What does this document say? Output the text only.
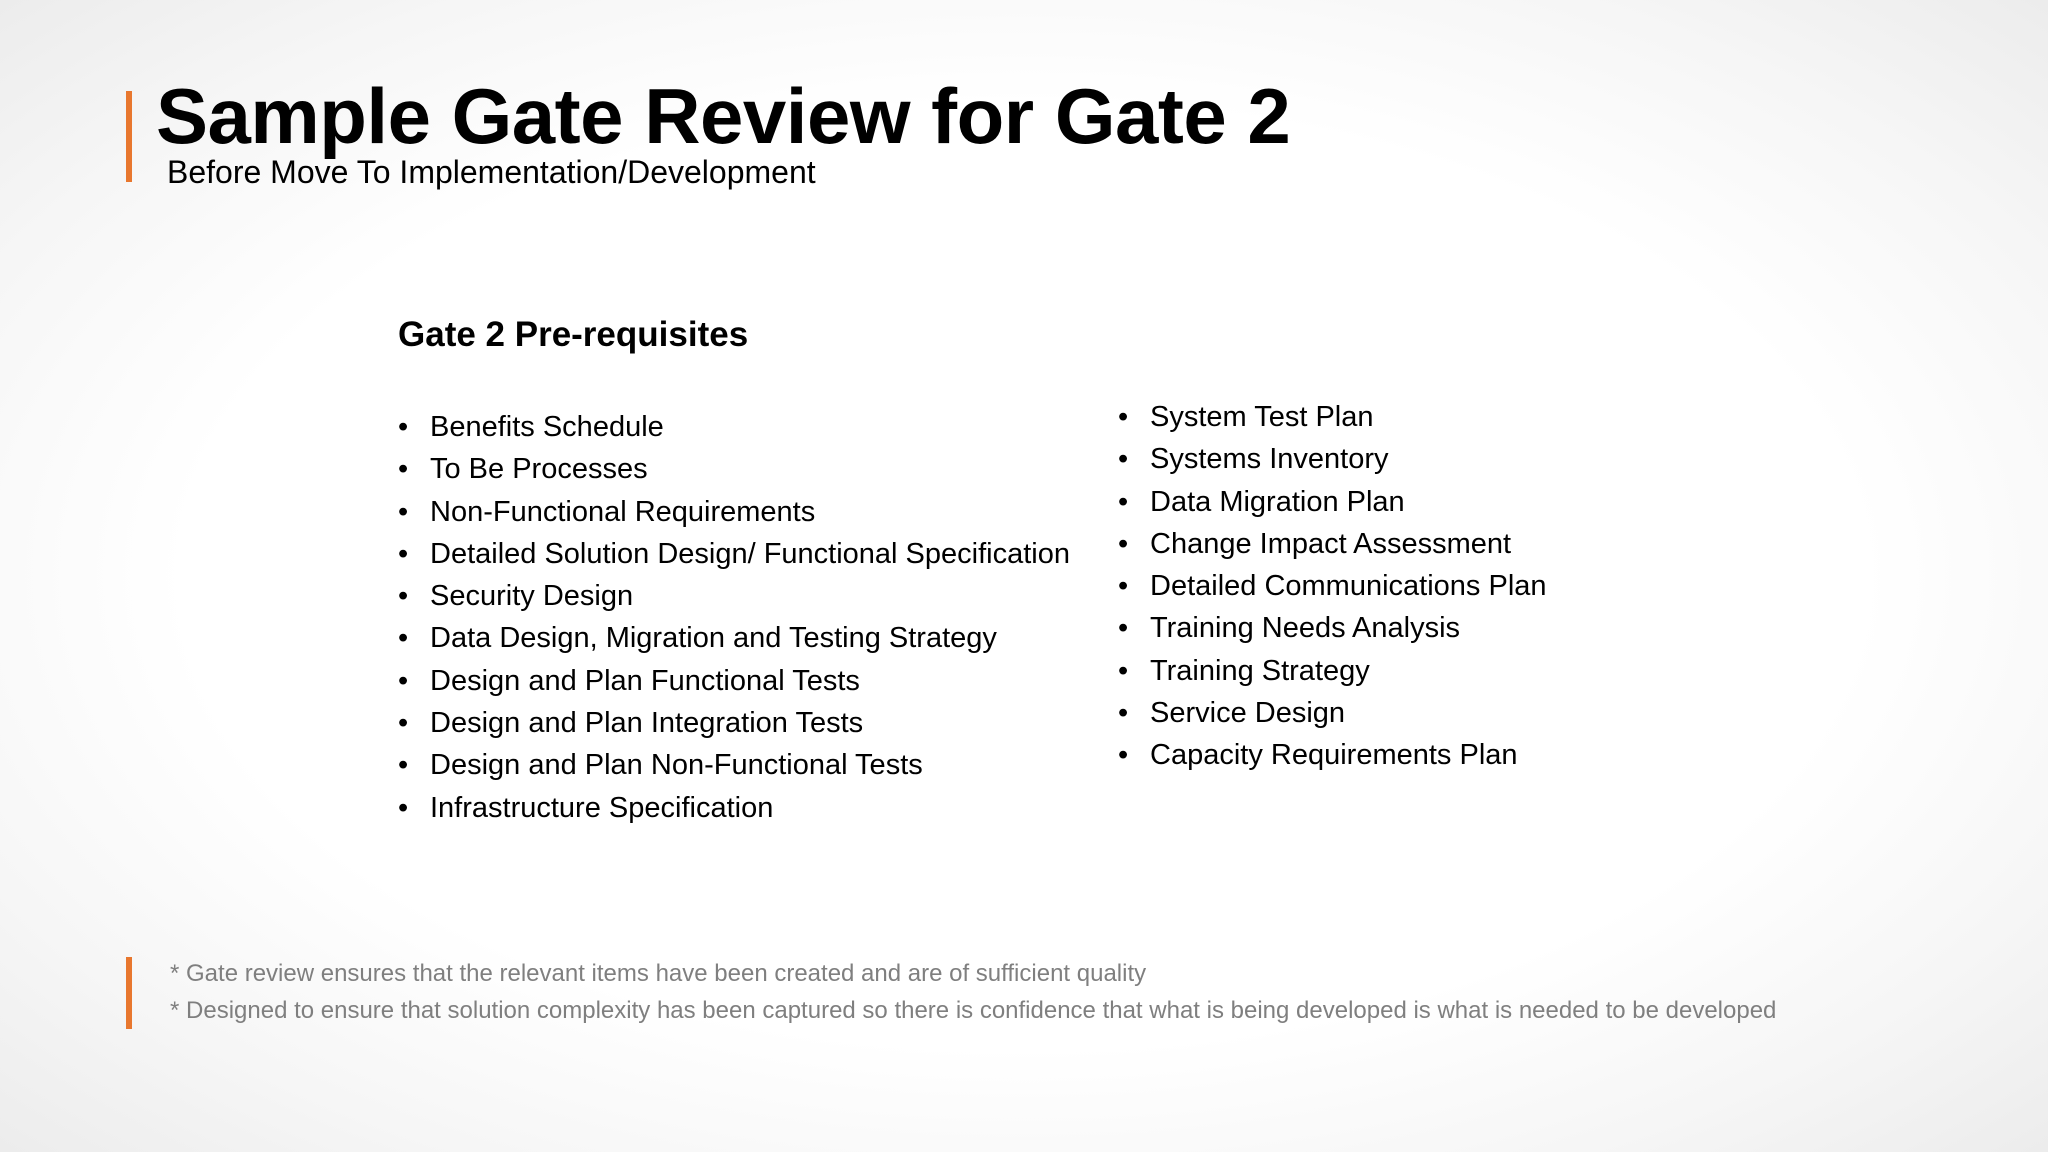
Sample Gate Review for Gate 2

Before Move To Implementation/Development

Gate 2 Pre-requisites
• Benefits Schedule
• To Be Processes
• Non-Functional Requirements
• Detailed Solution Design/ Functional Specification
• Security Design
• Data Design, Migration and Testing Strategy
• Design and Plan Functional Tests
• Design and Plan Integration Tests
• Design and Plan Non-Functional Tests
• Infrastructure Specification
• System Test Plan
• Systems Inventory
• Data Migration Plan
• Change Impact Assessment
• Detailed Communications Plan
• Training Needs Analysis
• Training Strategy
• Service Design
• Capacity Requirements Plan
* Gate review ensures that the relevant items have been created and are of sufficient quality
* Designed to ensure that solution complexity has been captured so there is confidence that what is being developed is what is needed to be developed
